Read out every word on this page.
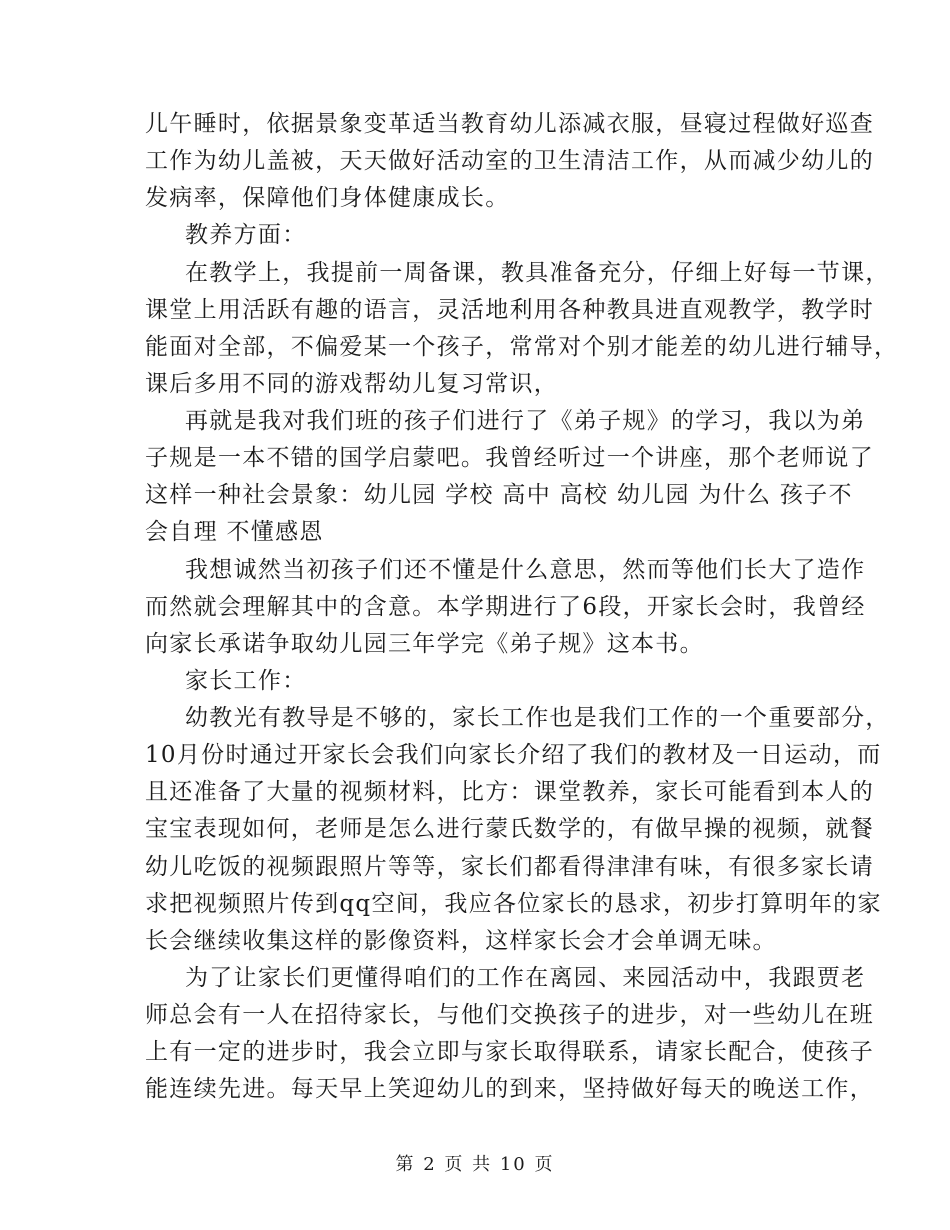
儿午睡时，依据景象变革适当教育幼儿添减衣服，昼寝过程做好巡查
工作为幼儿盖被，天天做好活动室的卫生清洁工作，从而减少幼儿的
发病率，保障他们身体健康成长。
教养方面：
在教学上，我提前一周备课，教具准备充分，仔细上好每一节课，
课堂上用活跃有趣的语言，灵活地利用各种教具进直观教学，教学时
能面对全部，不偏爱某一个孩子，常常对个别才能差的幼儿进行辅导，
课后多用不同的游戏帮幼儿复习常识，
再就是我对我们班的孩子们进行了《弟子规》的学习，我以为弟
子规是一本不错的国学启蒙吧。我曾经听过一个讲座，那个老师说了
这样一种社会景象：幼儿园 学校 高中 高校 幼儿园 为什么 孩子不
会自理 不懂感恩
我想诚然当初孩子们还不懂是什么意思，然而等他们长大了造作
而然就会理解其中的含意。本学期进行了6段，开家长会时，我曾经
向家长承诺争取幼儿园三年学完《弟子规》这本书。
家长工作：
幼教光有教导是不够的，家长工作也是我们工作的一个重要部分，
10月份时通过开家长会我们向家长介绍了我们的教材及一日运动，而
且还准备了大量的视频材料，比方：课堂教养，家长可能看到本人的
宝宝表现如何，老师是怎么进行蒙氏数学的，有做早操的视频，就餐
幼儿吃饭的视频跟照片等等，家长们都看得津津有味，有很多家长请
求把视频照片传到qq空间，我应各位家长的恳求，初步打算明年的家
长会继续收集这样的影像资料，这样家长会才会单调无味。
为了让家长们更懂得咱们的工作在离园、来园活动中，我跟贾老
师总会有一人在招待家长，与他们交换孩子的进步，对一些幼儿在班
上有一定的进步时，我会立即与家长取得联系，请家长配合，使孩子
能连续先进。每天早上笑迎幼儿的到来，坚持做好每天的晚送工作，
第 2 页 共 10 页
